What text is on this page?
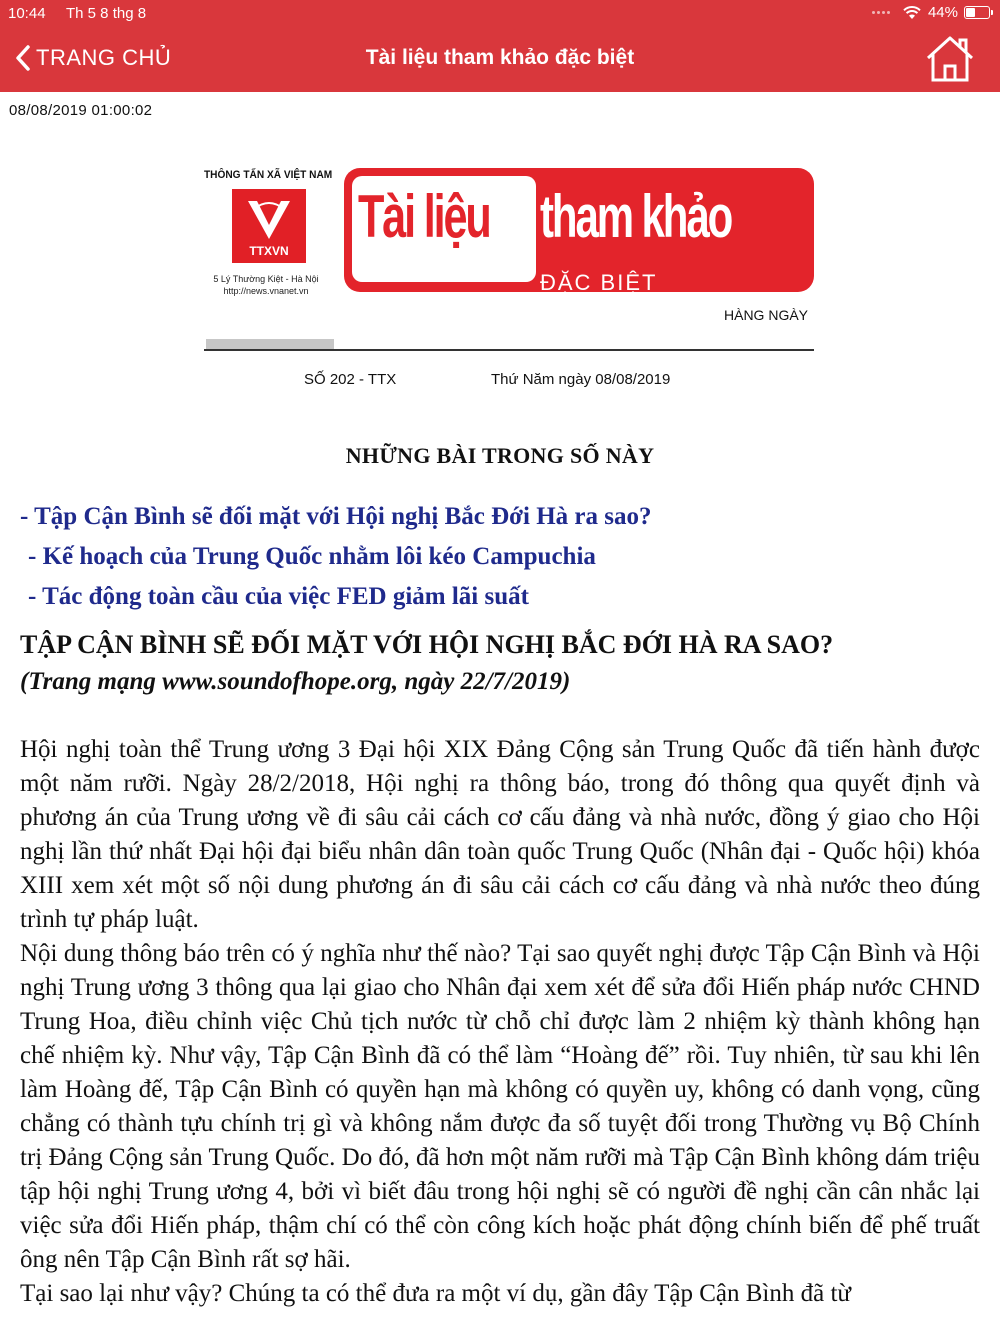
10:44 Th 5 8 thg 8	44%
TRANG CHỦ	Tài liệu tham khảo đặc biệt
08/08/2019 01:00:02
THÔNG TẤN XÃ VIỆT NAM
TTXVN
5 Lý Thường Kiệt - Hà Nội
http://news.vnanet.vn
Tài liệu tham khảo
ĐẶC BIỆT
HÀNG NGÀY
SỐ 202 - TTX	Thứ Năm ngày 08/08/2019
NHỮNG BÀI TRONG SỐ NÀY
- Tập Cận Bình sẽ đối mặt với Hội nghị Bắc Đới Hà ra sao?
- Kế hoạch của Trung Quốc nhằm lôi kéo Campuchia
- Tác động toàn cầu của việc FED giảm lãi suất
TẬP CẬN BÌNH SẼ ĐỐI MẶT VỚI HỘI NGHỊ BẮC ĐỚI HÀ RA SAO?
(Trang mạng www.soundofhope.org, ngày 22/7/2019)

Hội nghị toàn thể Trung ương 3 Đại hội XIX Đảng Cộng sản Trung Quốc đã tiến hành được một năm rưỡi. Ngày 28/2/2018, Hội nghị ra thông báo, trong đó thông qua quyết định và phương án của Trung ương về đi sâu cải cách cơ cấu đảng và nhà nước, đồng ý giao cho Hội nghị lần thứ nhất Đại hội đại biểu nhân dân toàn quốc Trung Quốc (Nhân đại - Quốc hội) khóa XIII xem xét một số nội dung phương án đi sâu cải cách cơ cấu đảng và nhà nước theo đúng trình tự pháp luật.

Nội dung thông báo trên có ý nghĩa như thế nào? Tại sao quyết nghị được Tập Cận Bình và Hội nghị Trung ương 3 thông qua lại giao cho Nhân đại xem xét để sửa đổi Hiến pháp nước CHND Trung Hoa, điều chỉnh việc Chủ tịch nước từ chỗ chỉ được làm 2 nhiệm kỳ thành không hạn chế nhiệm kỳ. Như vậy, Tập Cận Bình đã có thể làm “Hoàng đế” rồi. Tuy nhiên, từ sau khi lên làm Hoàng đế, Tập Cận Bình có quyền hạn mà không có quyền uy, không có danh vọng, cũng chẳng có thành tựu chính trị gì và không nắm được đa số tuyệt đối trong Thường vụ Bộ Chính trị Đảng Cộng sản Trung Quốc. Do đó, đã hơn một năm rưỡi mà Tập Cận Bình không dám triệu tập hội nghị Trung ương 4, bởi vì biết đâu trong hội nghị sẽ có người đề nghị cần cân nhắc lại việc sửa đổi Hiến pháp, thậm chí có thể còn công kích hoặc phát động chính biến để phế truất ông nên Tập Cận Bình rất sợ hãi.

Tại sao lại như vậy? Chúng ta có thể đưa ra một ví dụ, gần đây Tập Cận Bình đã từ
